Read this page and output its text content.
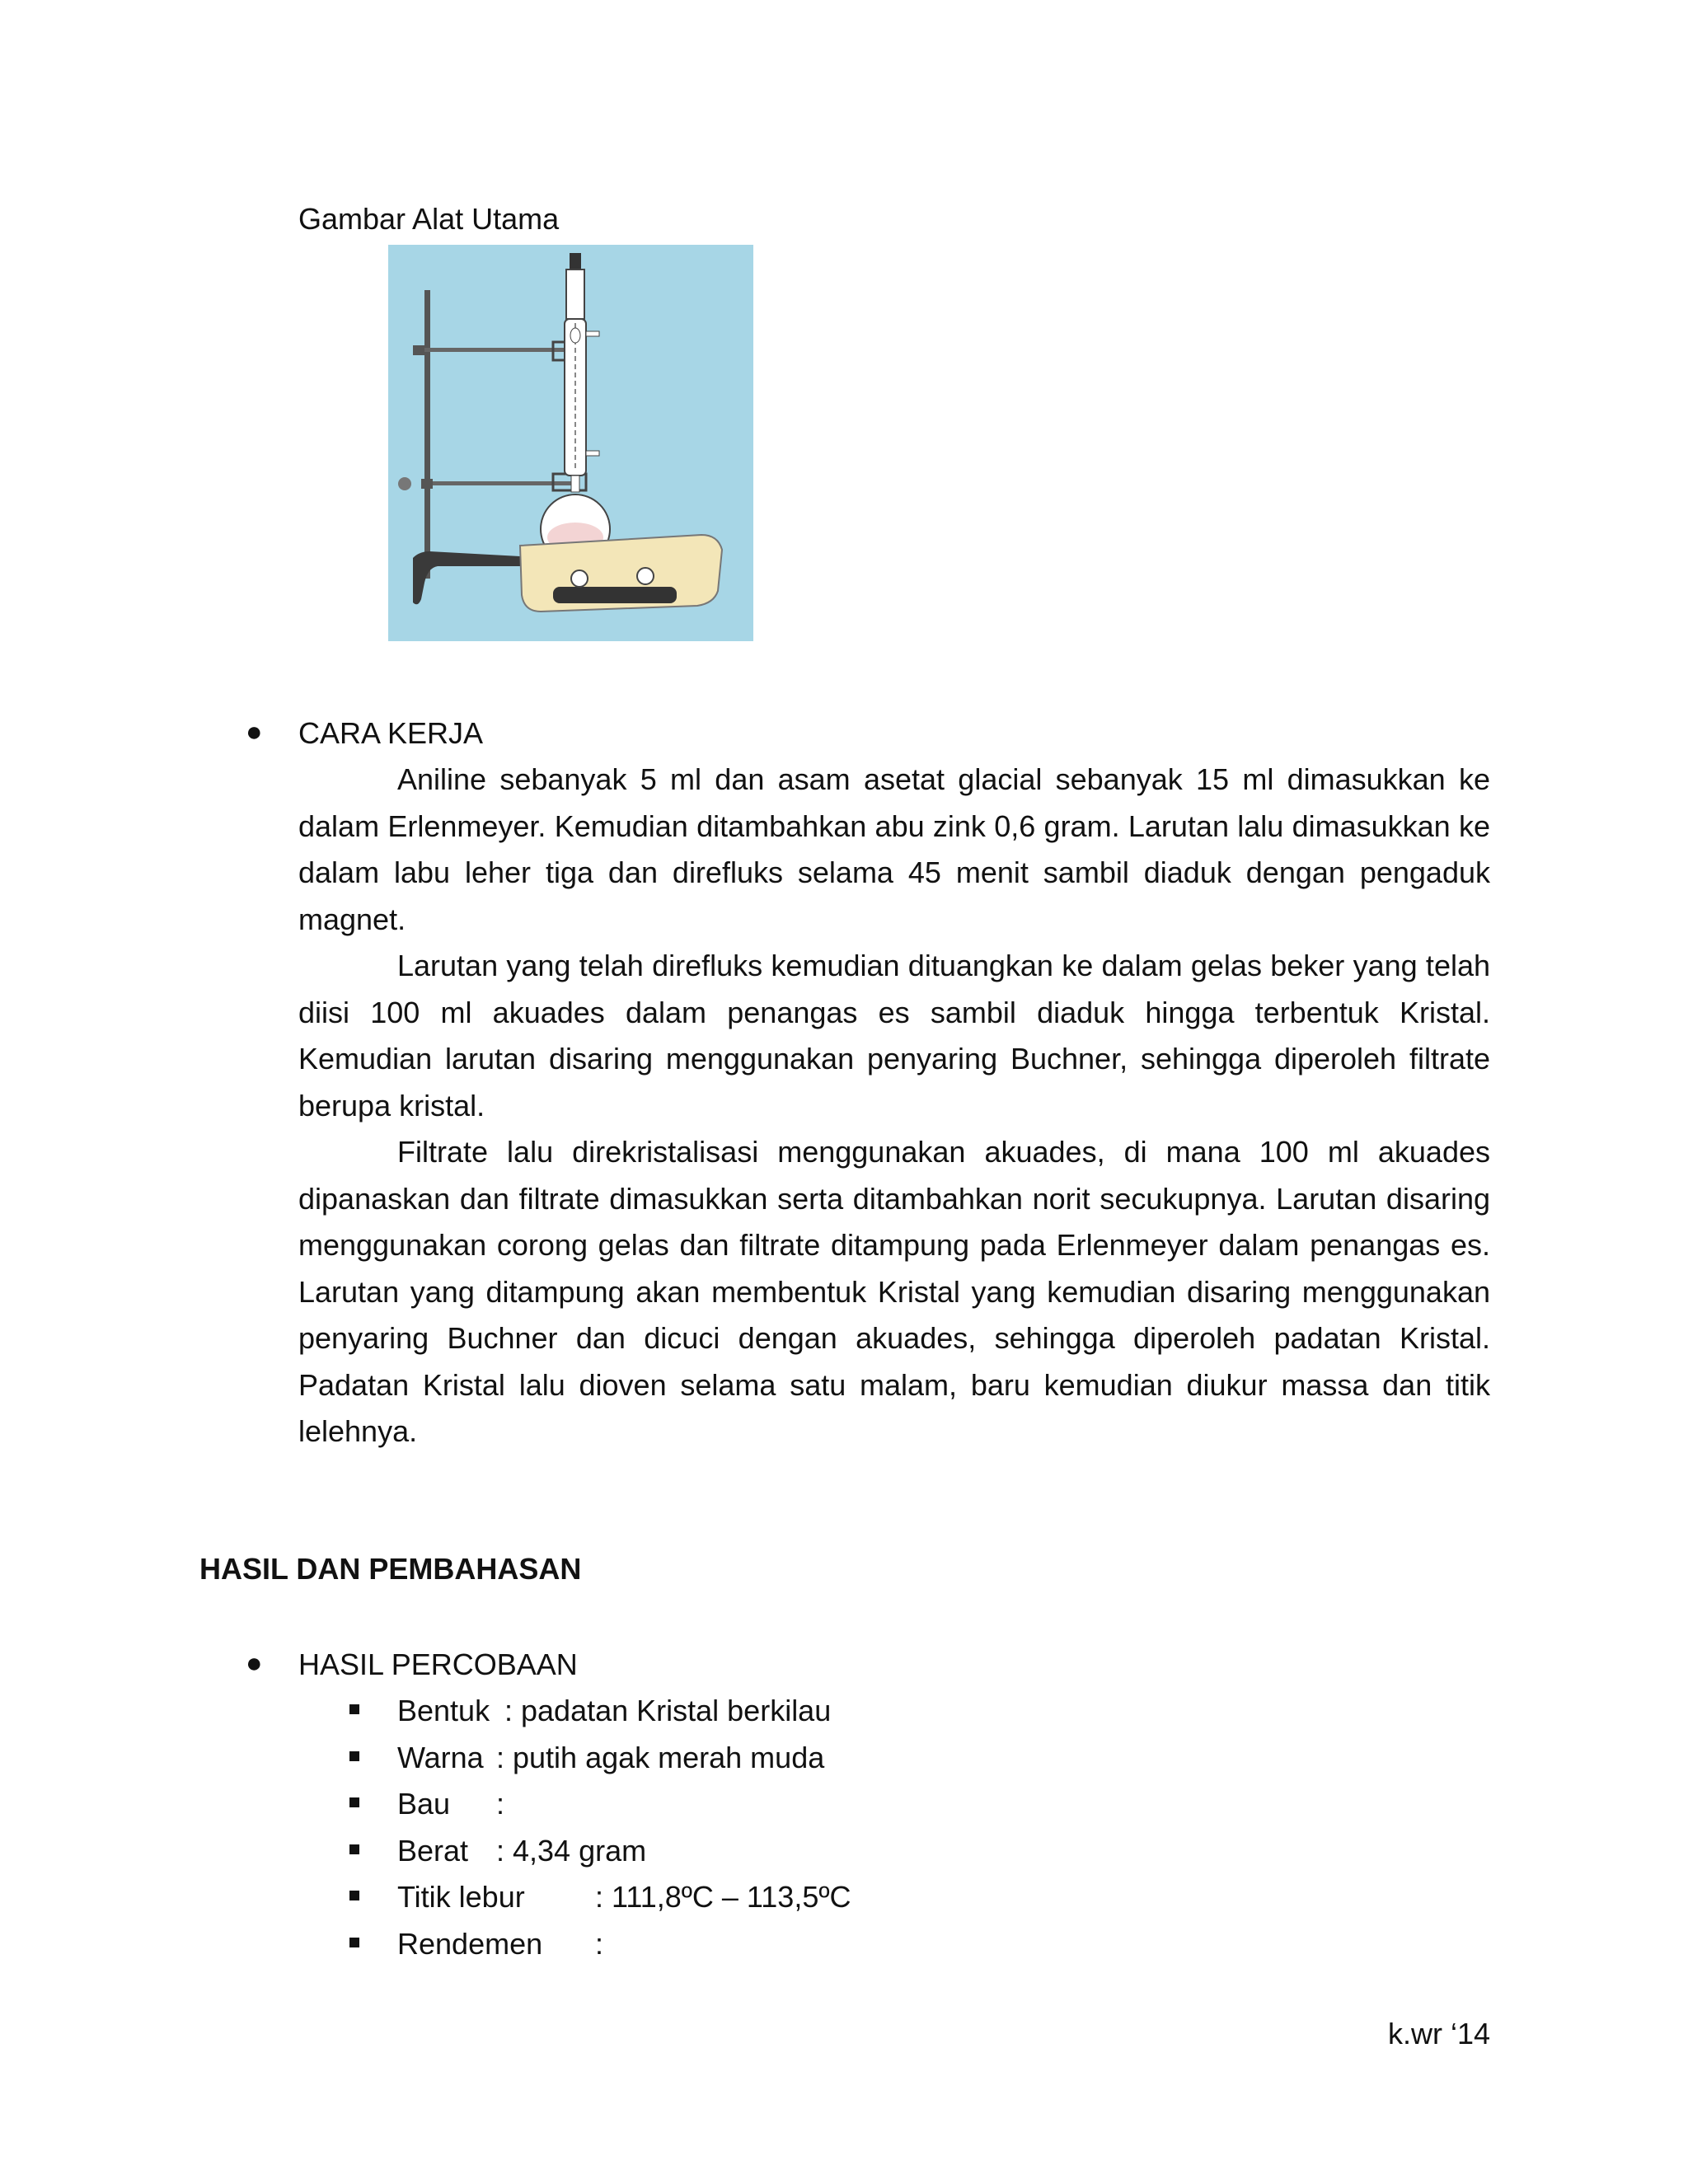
Gambar Alat Utama
● CARA KERJA

Aniline sebanyak 5 ml dan asam asetat glacial sebanyak 15 ml dimasukkan ke dalam Erlenmeyer. Kemudian ditambahkan abu zink 0,6 gram. Larutan lalu dimasukkan ke dalam labu leher tiga dan direfluks selama 45 menit sambil diaduk dengan pengaduk magnet.

Larutan yang telah direfluks kemudian dituangkan ke dalam gelas beker yang telah diisi 100 ml akuades dalam penangas es sambil diaduk hingga terbentuk Kristal. Kemudian larutan disaring menggunakan penyaring Buchner, sehingga diperoleh filtrate berupa kristal.

Filtrate lalu direkristalisasi menggunakan akuades, di mana 100 ml akuades dipanaskan dan filtrate dimasukkan serta ditambahkan norit secukupnya. Larutan disaring menggunakan corong gelas dan filtrate ditampung pada Erlenmeyer dalam penangas es. Larutan yang ditampung akan membentuk Kristal yang kemudian disaring menggunakan penyaring Buchner dan dicuci dengan akuades, sehingga diperoleh padatan Kristal. Padatan Kristal lalu dioven selama satu malam, baru kemudian diukur massa dan titik lelehnya.

HASIL DAN PEMBAHASAN
● HASIL PERCOBAAN
Bentuk : padatan Kristal berkilau
Warna : putih agak merah muda
Bau :
Berat : 4,34 gram
Titik lebur : 111,8ºC – 113,5ºC
Rendemen :
k.wr ‘14
